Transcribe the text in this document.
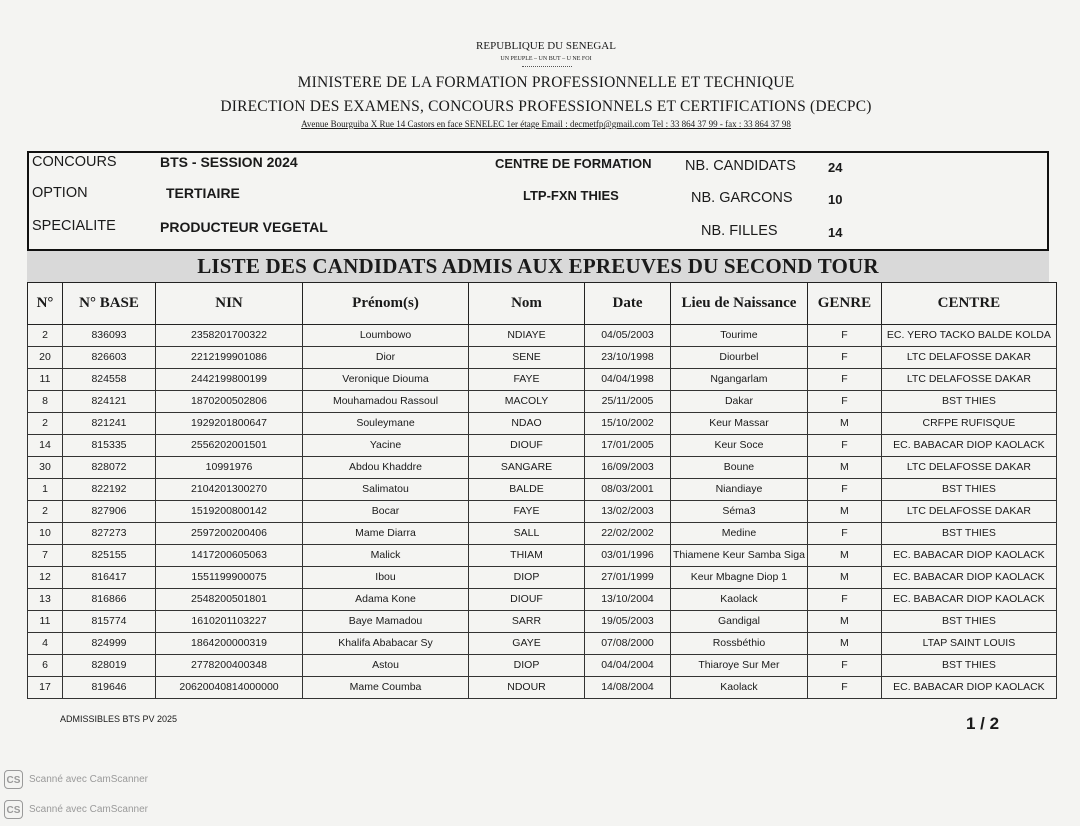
REPUBLIQUE DU SENEGAL
UN PEUPLE – UN BUT – U NE FOI
MINISTERE DE LA FORMATION PROFESSIONNELLE ET TECHNIQUE
DIRECTION DES EXAMENS, CONCOURS PROFESSIONNELS ET CERTIFICATIONS (DECPC)
Avenue Bourguiba X Rue 14 Castors en face SENELEC 1er étage Email : decmetfp@gmail.com Tel : 33 864 37 99 - fax : 33 864 37 98
CONCOURS	BTS - SESSION 2024
OPTION	TERTIAIRE
SPECIALITE	PRODUCTEUR VEGETAL
CENTRE DE FORMATION
LTP-FXN THIES
NB. CANDIDATS 24
NB. GARCONS	10
NB. FILLES	14
LISTE DES CANDIDATS ADMIS AUX EPREUVES DU SECOND TOUR
N°	N° BASE	NIN	Prénom(s)	Nom	Date	Lieu de Naissance	GENRE	CENTRE
2	836093	2358201700322	Loumbowo	NDIAYE	04/05/2003	Tourime	F	EC. YERO TACKO BALDE KOLDA
20	826603	2212199901086	Dior	SENE	23/10/1998	Diourbel	F	LTC DELAFOSSE DAKAR
11	824558	2442199800199	Veronique Diouma	FAYE	04/04/1998	Ngangarlam	F	LTC DELAFOSSE DAKAR
8	824121	1870200502806	Mouhamadou Rassoul	MACOLY	25/11/2005	Dakar	F	BST THIES
2	821241	1929201800647	Souleymane	NDAO	15/10/2002	Keur Massar	M	CRFPE RUFISQUE
14	815335	2556202001501	Yacine	DIOUF	17/01/2005	Keur Soce	F	EC. BABACAR DIOP KAOLACK
30	828072	10991976	Abdou Khaddre	SANGARE	16/09/2003	Boune	M	LTC DELAFOSSE DAKAR
1	822192	2104201300270	Salimatou	BALDE	08/03/2001	Niandiaye	F	BST THIES
2	827906	1519200800142	Bocar	FAYE	13/02/2003	Séma3	M	LTC DELAFOSSE DAKAR
10	827273	2597200200406	Mame Diarra	SALL	22/02/2002	Medine	F	BST THIES
7	825155	1417200605063	Malick	THIAM	03/01/1996	Thiamene Keur Samba Siga	M	EC. BABACAR DIOP KAOLACK
12	816417	1551199900075	Ibou	DIOP	27/01/1999	Keur Mbagne Diop 1	M	EC. BABACAR DIOP KAOLACK
13	816866	2548200501801	Adama Kone	DIOUF	13/10/2004	Kaolack	F	EC. BABACAR DIOP KAOLACK
11	815774	1610201103227	Baye Mamadou	SARR	19/05/2003	Gandigal	M	BST THIES
4	824999	1864200000319	Khalifa Ababacar Sy	GAYE	07/08/2000	Rossbéthio	M	LTAP SAINT LOUIS
6	828019	2778200400348	Astou	DIOP	04/04/2004	Thiaroye Sur Mer	F	BST THIES
17	819646	20620040814000000	Mame Coumba	NDOUR	14/08/2004	Kaolack	F	EC. BABACAR DIOP KAOLACK
ADMISSIBLES BTS PV 2025	1 / 2
CS Scanné avec CamScanner
CS Scanné avec CamScanner
